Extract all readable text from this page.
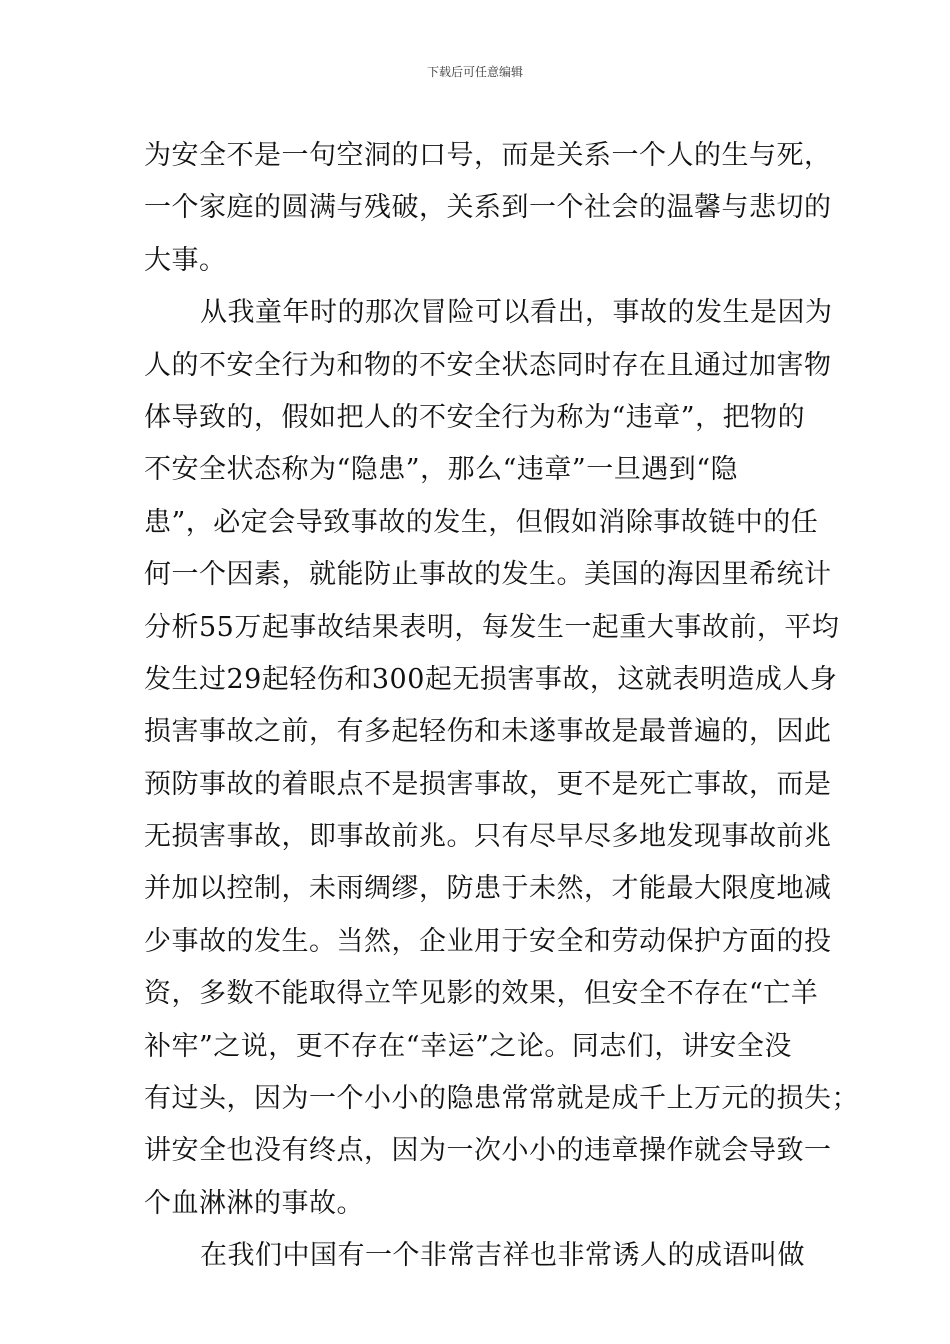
下载后可任意编辑
为安全不是一句空洞的口号，而是关系一个人的生与死，
一个家庭的圆满与残破，关系到一个社会的温馨与悲切的
大事。
从我童年时的那次冒险可以看出，事故的发生是因为
人的不安全行为和物的不安全状态同时存在且通过加害物
体导致的，假如把人的不安全行为称为“违章”，把物的
不安全状态称为“隐患”，那么“违章”一旦遇到“隐
患”，必定会导致事故的发生，但假如消除事故链中的任
何一个因素，就能防止事故的发生。美国的海因里希统计
分析55万起事故结果表明，每发生一起重大事故前，平均
发生过29起轻伤和300起无损害事故，这就表明造成人身
损害事故之前，有多起轻伤和未遂事故是最普遍的，因此
预防事故的着眼点不是损害事故，更不是死亡事故，而是
无损害事故，即事故前兆。只有尽早尽多地发现事故前兆
并加以控制，未雨绸缪，防患于未然，才能最大限度地减
少事故的发生。当然，企业用于安全和劳动保护方面的投
资，多数不能取得立竿见影的效果，但安全不存在“亡羊
补牢”之说，更不存在“幸运”之论。同志们，讲安全没
有过头，因为一个小小的隐患常常就是成千上万元的损失；
讲安全也没有终点，因为一次小小的违章操作就会导致一
个血淋淋的事故。
在我们中国有一个非常吉祥也非常诱人的成语叫做
